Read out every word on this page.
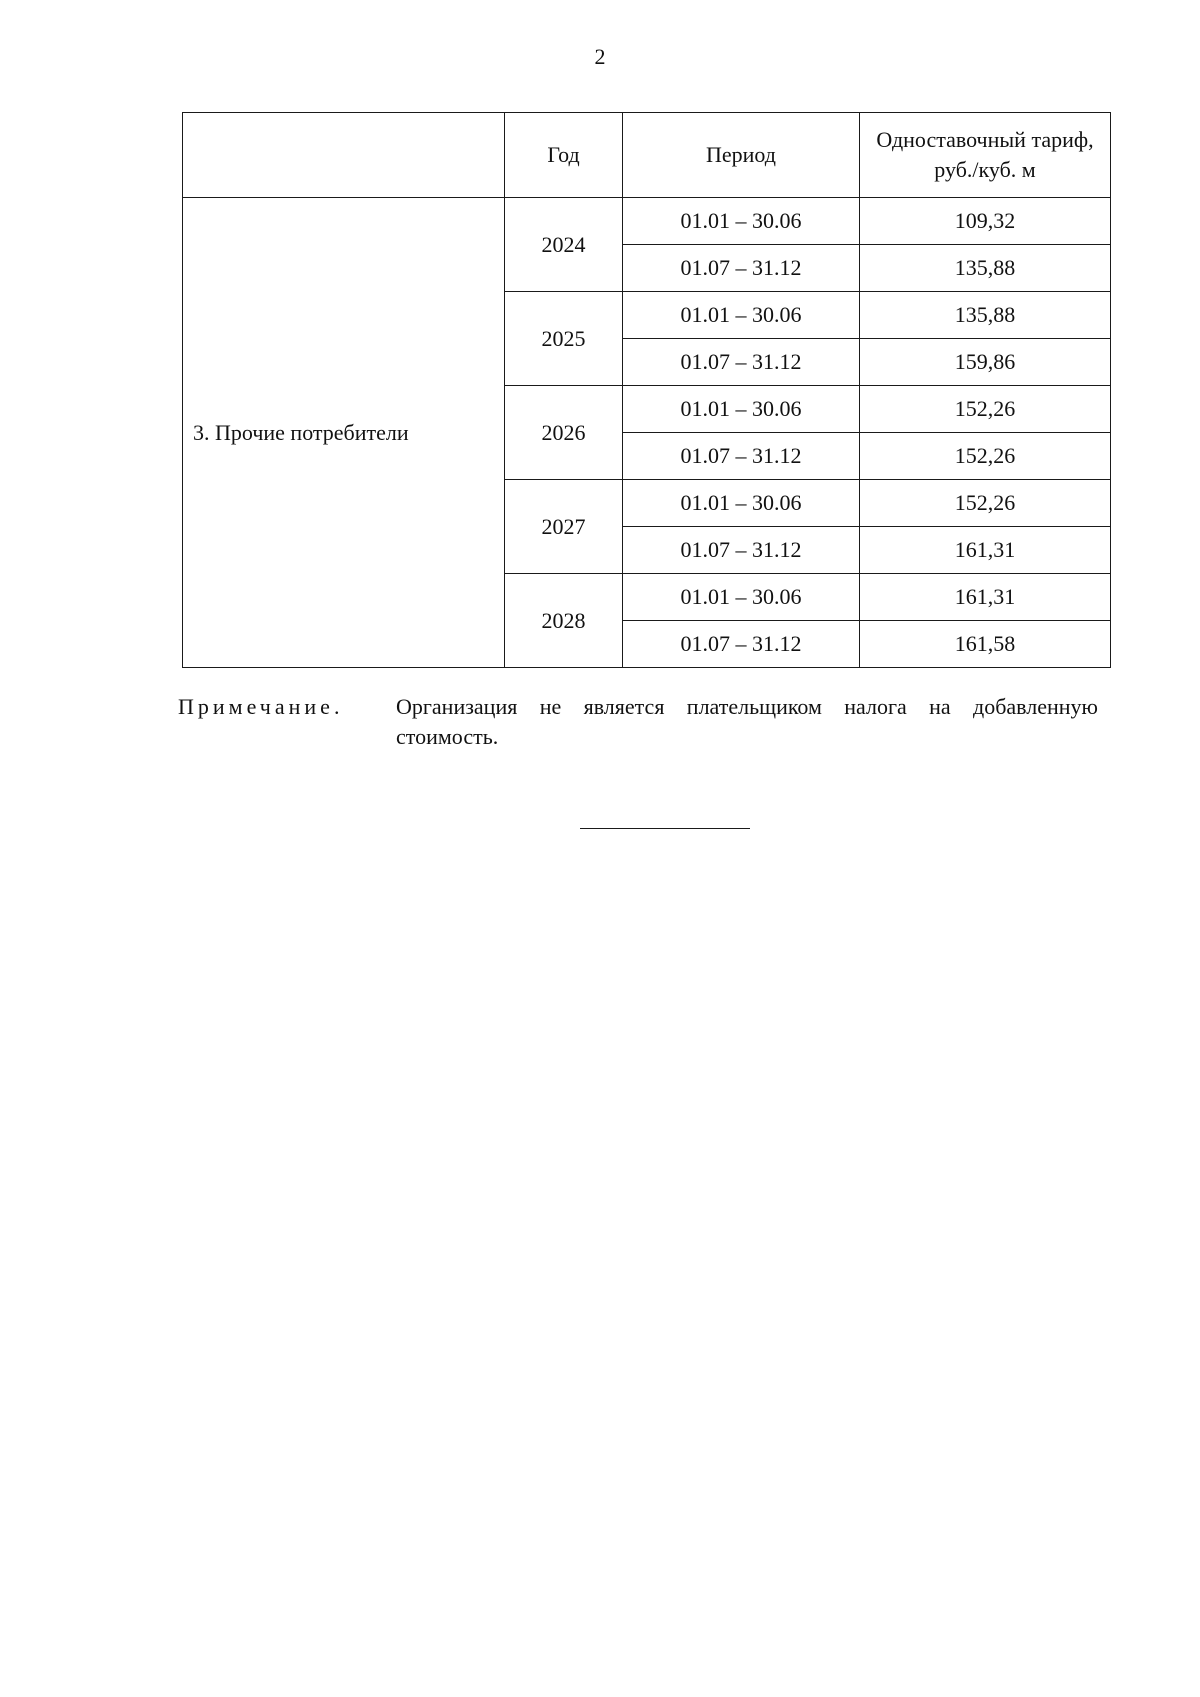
2
	Год	Период	Одноставочный тариф,
руб./куб. м

3. Прочие потребители	2024	01.01 – 30.06	109,32
		01.07 – 31.12	135,88
	2025	01.01 – 30.06	135,88
		01.07 – 31.12	159,86
	2026	01.01 – 30.06	152,26
		01.07 – 31.12	152,26
	2027	01.01 – 30.06	152,26
		01.07 – 31.12	161,31
	2028	01.01 – 30.06	161,31
		01.07 – 31.12	161,58
Примечание. Организация не является плательщиком налога на добавленную стоимость.
